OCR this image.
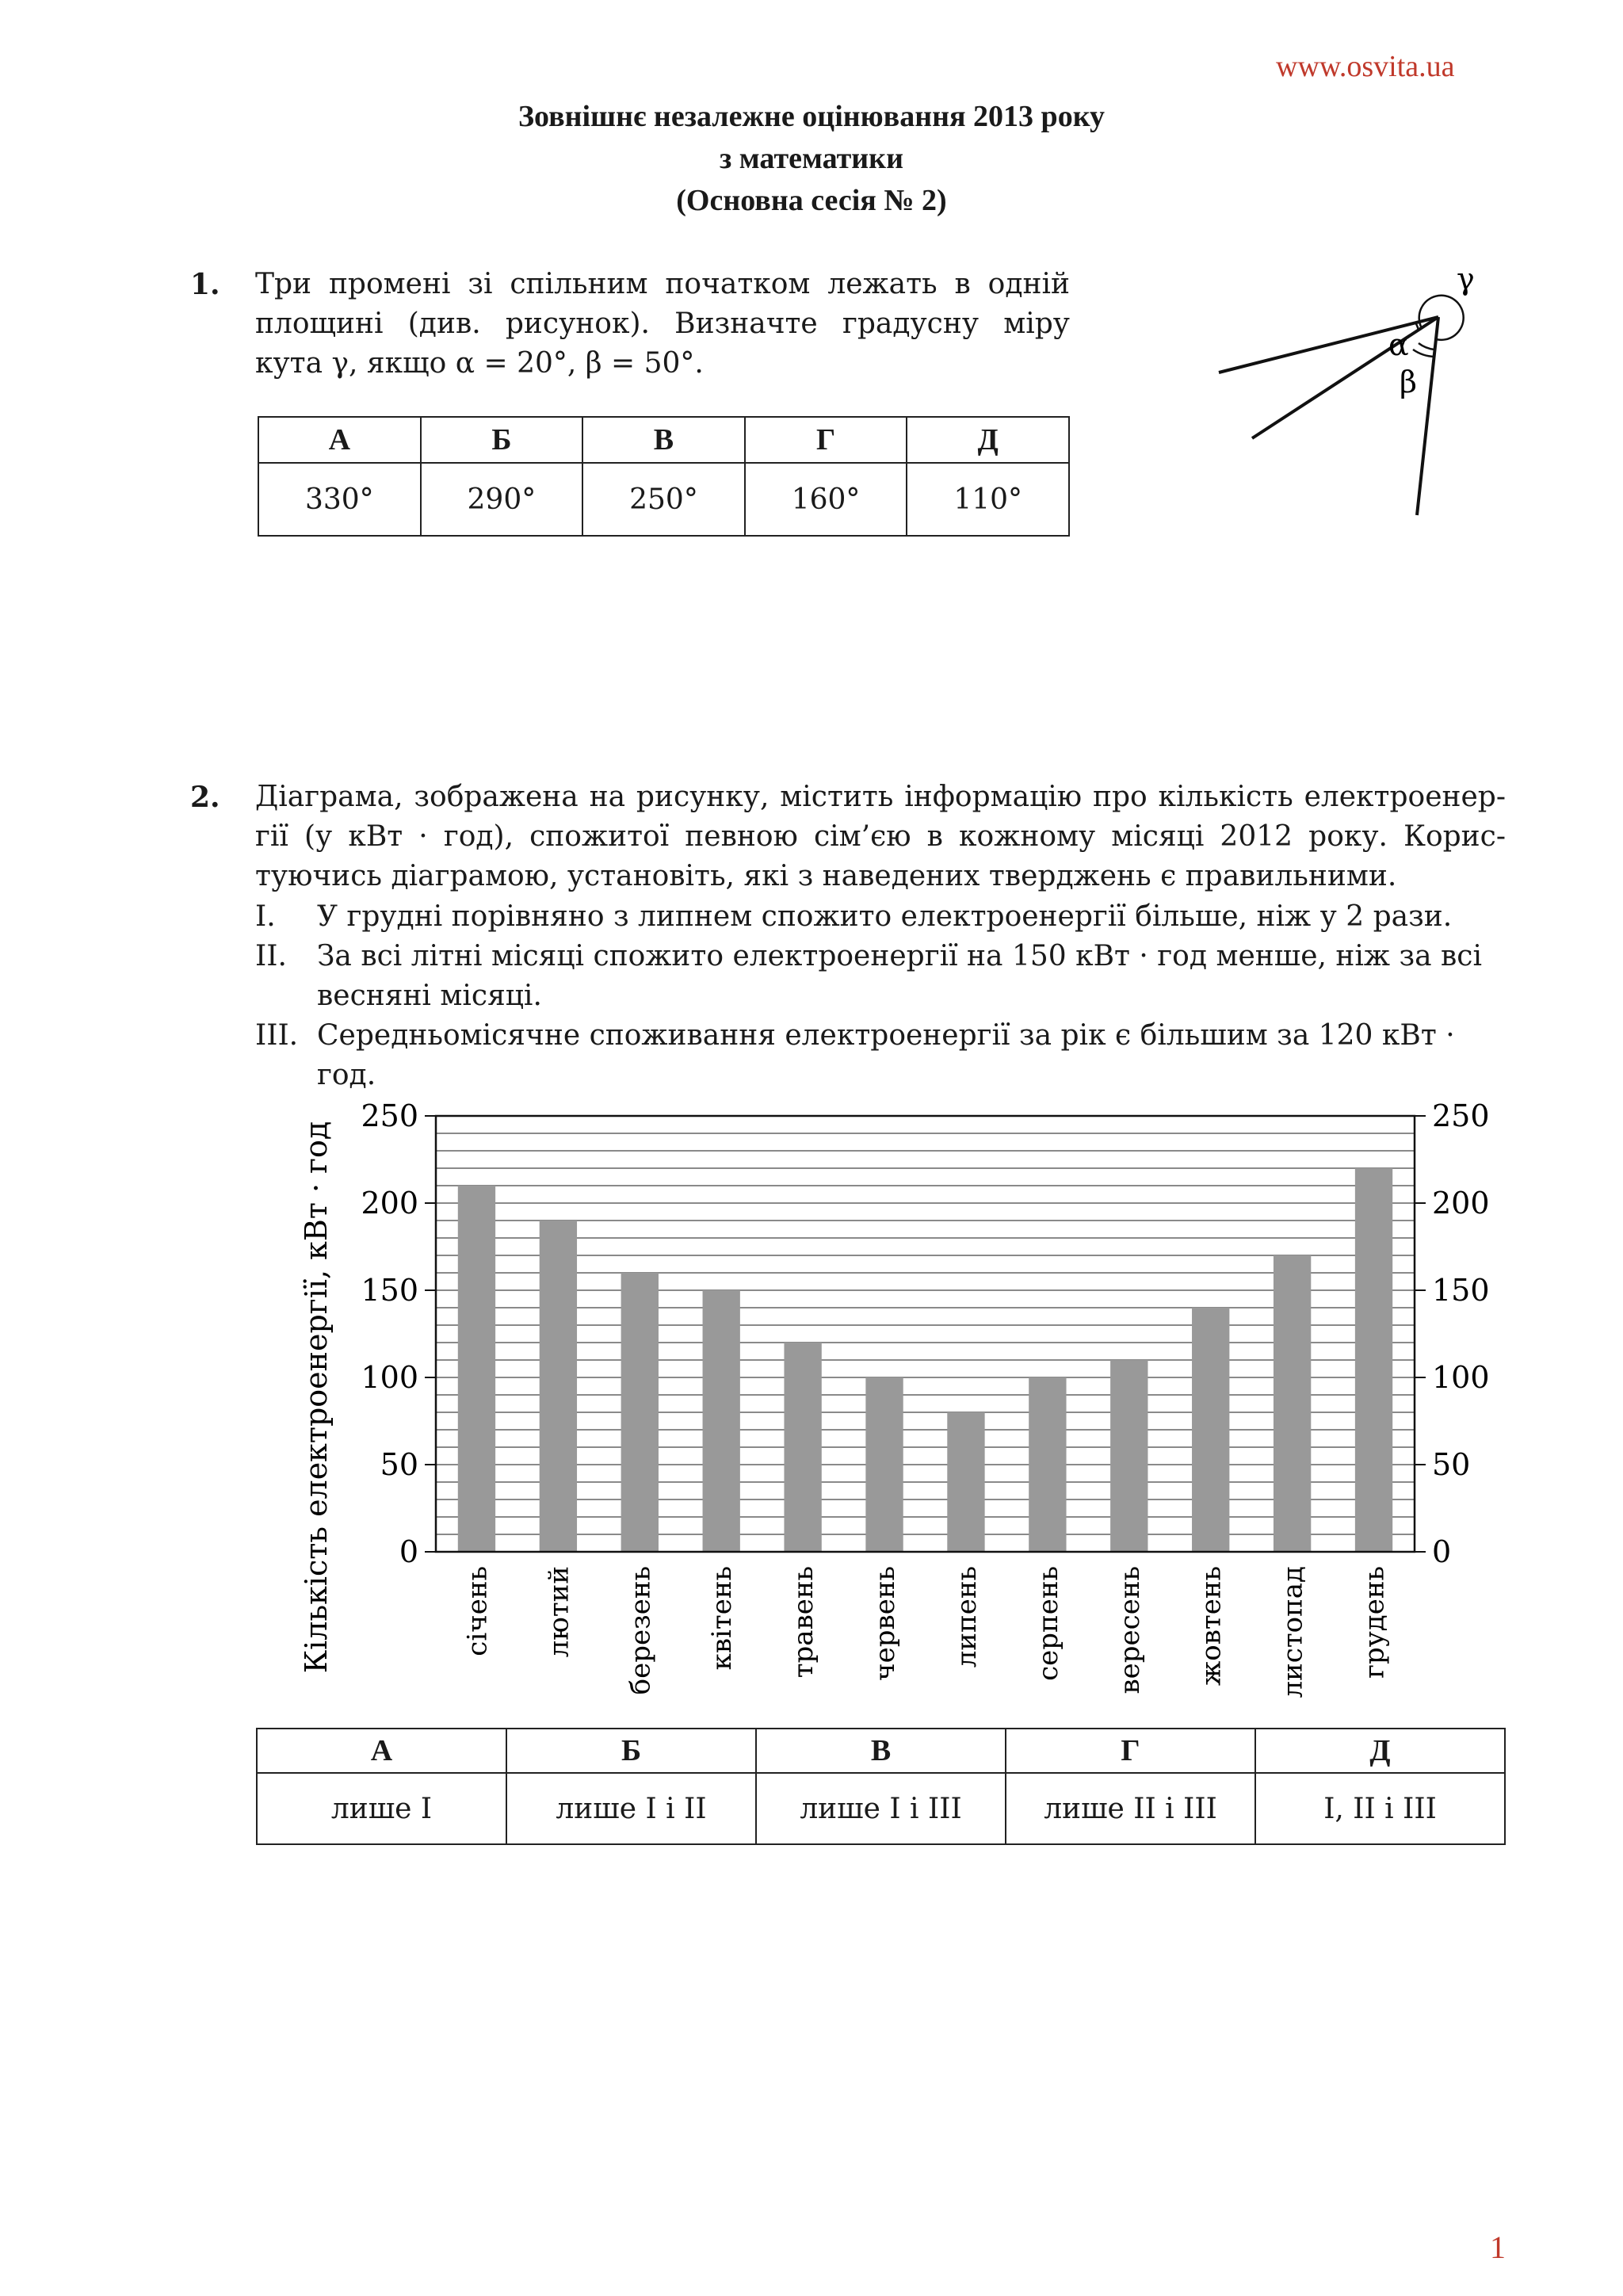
www.osvita.ua
Зовнішнє незалежне оцінювання 2013 року
з математики
(Основна сесія № 2)
1. Три промені зі спільним початком лежать в одній
площині (див. рисунок). Визначте градусну міру
кута γ, якщо α = 20°, β = 50°.
α
β
γ
А	Б	В	Г	Д
330°	290°	250°	160°	110°
2. Діаграма, зображена на рисунку, містить інформацію про кількість електроенер-
гії (у кВт · год), спожитої певною сім’єю в кожному місяці 2012 року. Корис-
туючись діаграмою, установіть, які з наведених тверджень є правильними.
I. У грудні порівняно з липнем спожито електроенергії більше, ніж у 2 рази.
II. За всі літні місяці спожито електроенергії на 150 кВт · год менше, ніж за всі
весняні місяці.
III. Середньомісячне споживання електроенергії за рік є більшим за 120 кВт · год.
0	0
50	50
100	100
150	150
200	200
250	250
січень лютий березень квітень травень червень липень серпень вересень жовтень листопад грудень
Кількість електроенергії, кВт · год
А	Б	В	Г	Д
лише I	лише I і II	лише I і III	лише II і III	I, II і III
1
